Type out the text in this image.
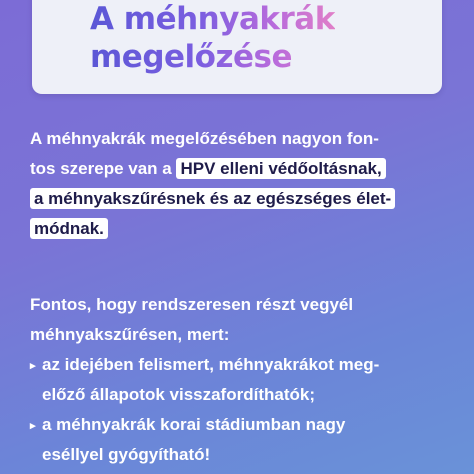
A méhnyakrák
megelőzése
A méhnyakrák megelőzésében nagyon fon-
tos szerepe van a HPV elleni védőoltásnak,
a méhnyakszűrésnek és az egészséges élet-
módnak.
Fontos, hogy rendszeresen részt vegyél
méhnyakszűrésen, mert:
▸ az idejében felismert, méhnyakrákot meg-
előző állapotok visszafordíthatók;
▸ a méhnyakrák korai stádiumban nagy
eséllyel gyógyítható!
